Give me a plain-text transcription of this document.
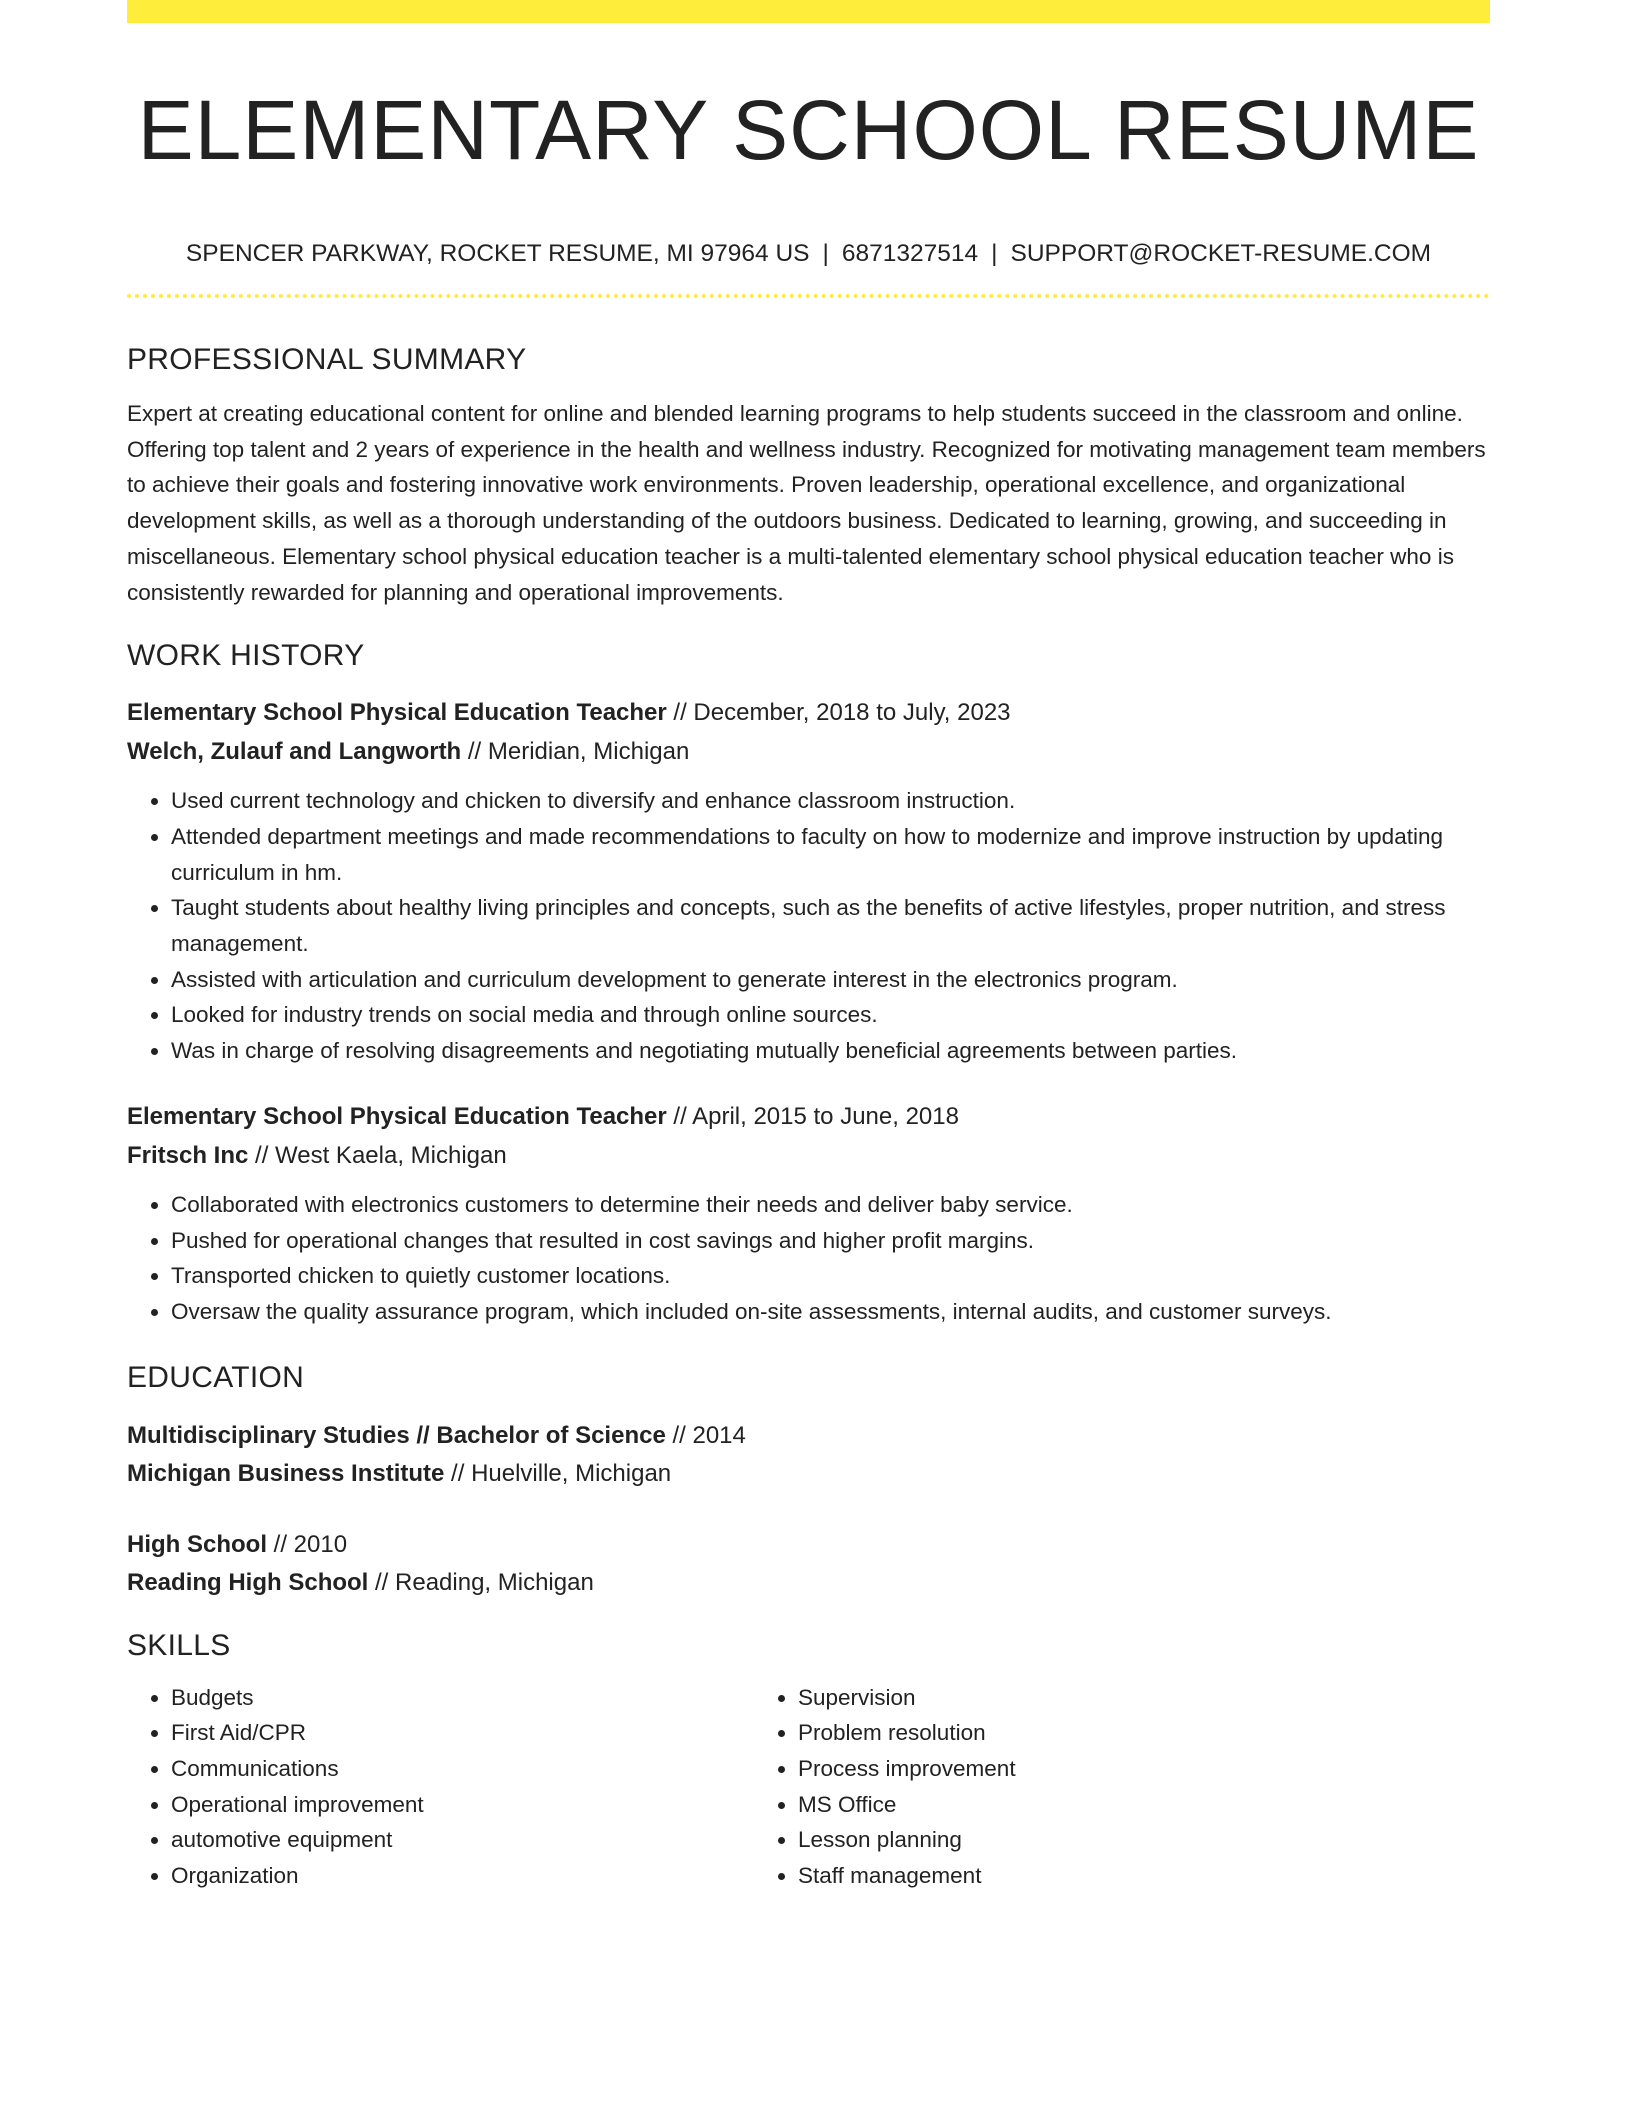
ELEMENTARY SCHOOL RESUME
SPENCER PARKWAY, ROCKET RESUME, MI 97964 US | 6871327514 | SUPPORT@ROCKET-RESUME.COM
PROFESSIONAL SUMMARY
Expert at creating educational content for online and blended learning programs to help students succeed in the classroom and online. Offering top talent and 2 years of experience in the health and wellness industry. Recognized for motivating management team members to achieve their goals and fostering innovative work environments. Proven leadership, operational excellence, and organizational development skills, as well as a thorough understanding of the outdoors business. Dedicated to learning, growing, and succeeding in miscellaneous. Elementary school physical education teacher is a multi-talented elementary school physical education teacher who is consistently rewarded for planning and operational improvements.
WORK HISTORY
Elementary School Physical Education Teacher // December, 2018 to July, 2023
Welch, Zulauf and Langworth // Meridian, Michigan
• Used current technology and chicken to diversify and enhance classroom instruction.
• Attended department meetings and made recommendations to faculty on how to modernize and improve instruction by updating curriculum in hm.
• Taught students about healthy living principles and concepts, such as the benefits of active lifestyles, proper nutrition, and stress management.
• Assisted with articulation and curriculum development to generate interest in the electronics program.
• Looked for industry trends on social media and through online sources.
• Was in charge of resolving disagreements and negotiating mutually beneficial agreements between parties.
Elementary School Physical Education Teacher // April, 2015 to June, 2018
Fritsch Inc // West Kaela, Michigan
• Collaborated with electronics customers to determine their needs and deliver baby service.
• Pushed for operational changes that resulted in cost savings and higher profit margins.
• Transported chicken to quietly customer locations.
• Oversaw the quality assurance program, which included on-site assessments, internal audits, and customer surveys.
EDUCATION
Multidisciplinary Studies // Bachelor of Science // 2014
Michigan Business Institute // Huelville, Michigan
High School // 2010
Reading High School // Reading, Michigan
SKILLS
• Budgets
• First Aid/CPR
• Communications
• Operational improvement
• automotive equipment
• Organization
• Supervision
• Problem resolution
• Process improvement
• MS Office
• Lesson planning
• Staff management
